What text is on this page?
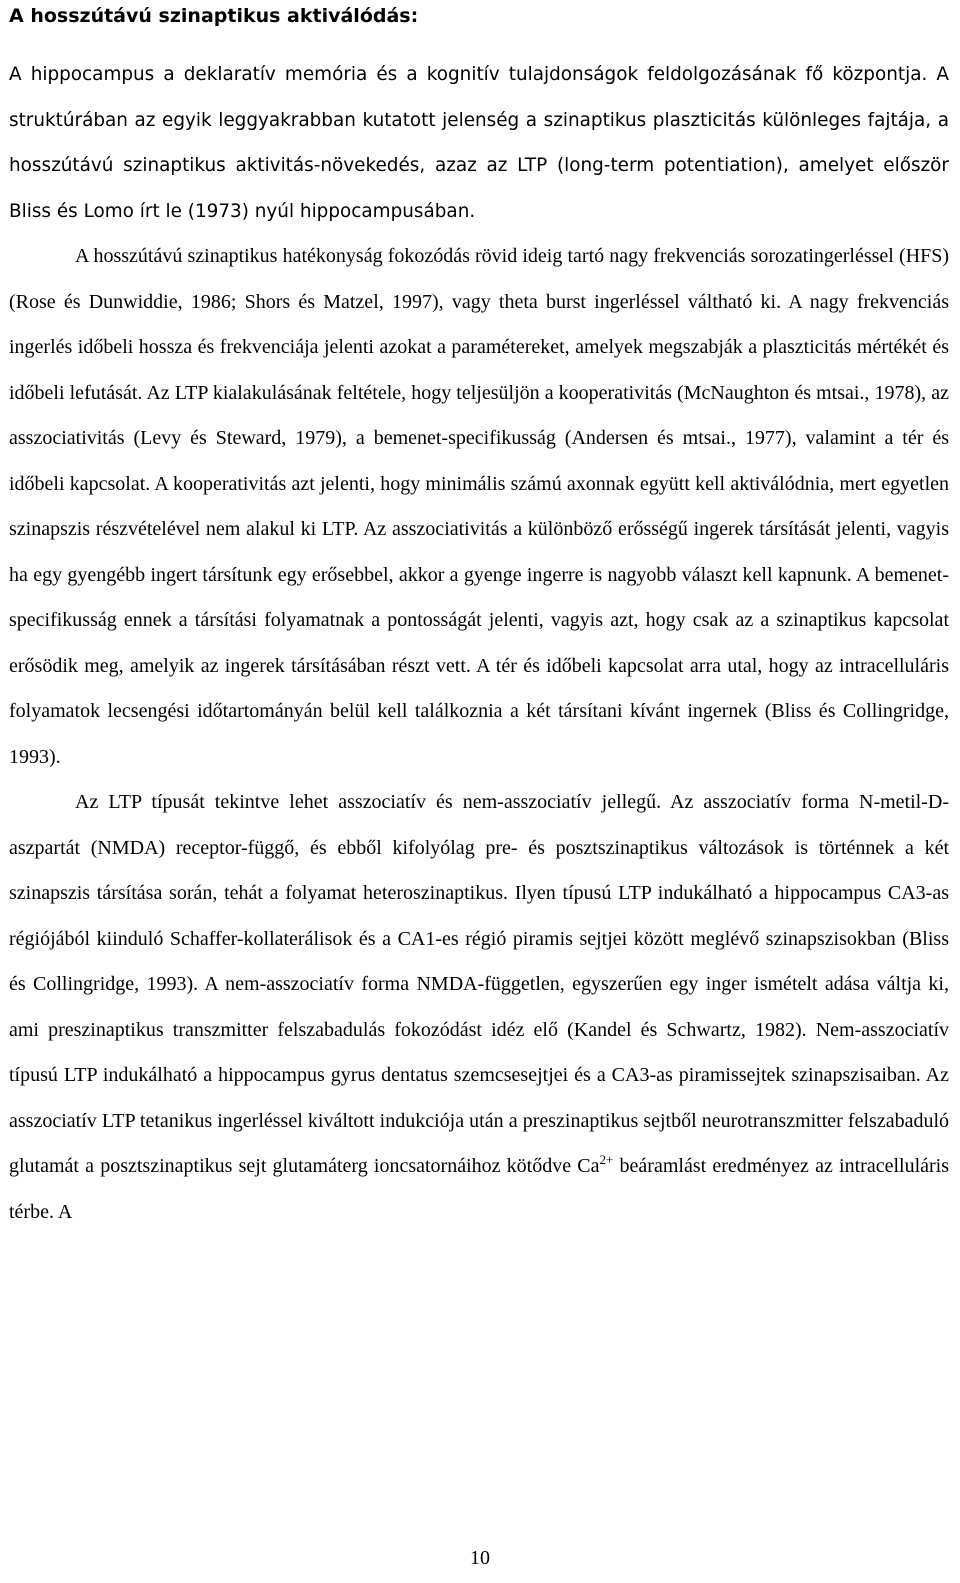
A hosszútávú szinaptikus aktiválódás:

A hippocampus a deklaratív memória és a kognitív tulajdonságok feldolgozásának fő központja. A struktúrában az egyik leggyakrabban kutatott jelenség a szinaptikus plaszticitás különleges fajtája, a hosszútávú szinaptikus aktivitás-növekedés, azaz az LTP (long-term potentiation), amelyet először Bliss és Lomo írt le (1973) nyúl hippocampusában.

A hosszútávú szinaptikus hatékonyság fokozódás rövid ideig tartó nagy frekvenciás sorozatingerléssel (HFS) (Rose és Dunwiddie, 1986; Shors és Matzel, 1997), vagy theta burst ingerléssel váltható ki. A nagy frekvenciás ingerlés időbeli hossza és frekvenciája jelenti azokat a paramétereket, amelyek megszabják a plaszticitás mértékét és időbeli lefutását. Az LTP kialakulásának feltétele, hogy teljesüljön a kooperativitás (McNaughton és mtsai., 1978), az asszociativitás (Levy és Steward, 1979), a bemenet-specifikusság (Andersen és mtsai., 1977), valamint a tér és időbeli kapcsolat. A kooperativitás azt jelenti, hogy minimális számú axonnak együtt kell aktiválódnia, mert egyetlen szinapszis részvételével nem alakul ki LTP. Az asszociativitás a különböző erősségű ingerek társítását jelenti, vagyis ha egy gyengébb ingert társítunk egy erősebbel, akkor a gyenge ingerre is nagyobb választ kell kapnunk. A bemenet-specifikusság ennek a társítási folyamatnak a pontosságát jelenti, vagyis azt, hogy csak az a szinaptikus kapcsolat erősödik meg, amelyik az ingerek társításában részt vett. A tér és időbeli kapcsolat arra utal, hogy az intracelluláris folyamatok lecsengési időtartományán belül kell találkoznia a két társítani kívánt ingernek (Bliss és Collingridge, 1993).

Az LTP típusát tekintve lehet asszociatív és nem-asszociatív jellegű. Az asszociatív forma N-metil-D-aszpartát (NMDA) receptor-függő, és ebből kifolyólag pre- és posztszinaptikus változások is történnek a két szinapszis társítása során, tehát a folyamat heteroszinaptikus. Ilyen típusú LTP indukálható a hippocampus CA3-as régiójából kiinduló Schaffer-kollaterálisok és a CA1-es régió piramis sejtjei között meglévő szinapszisokban (Bliss és Collingridge, 1993). A nem-asszociatív forma NMDA-független, egyszerűen egy inger ismételt adása váltja ki, ami preszinaptikus transzmitter felszabadulás fokozódást idéz elő (Kandel és Schwartz, 1982). Nem-asszociatív típusú LTP indukálható a hippocampus gyrus dentatus szemcsesejtjei és a CA3-as piramissejtek szinapszisaiban. Az asszociatív LTP tetanikus ingerléssel kiváltott indukciója után a preszinaptikus sejtből neurotranszmitter felszabaduló glutamát a posztszinaptikus sejt glutamáterg ioncsatornáihoz kötődve $Ca^{2+}$ beáramlást eredményez az intracelluláris térbe. A

10
